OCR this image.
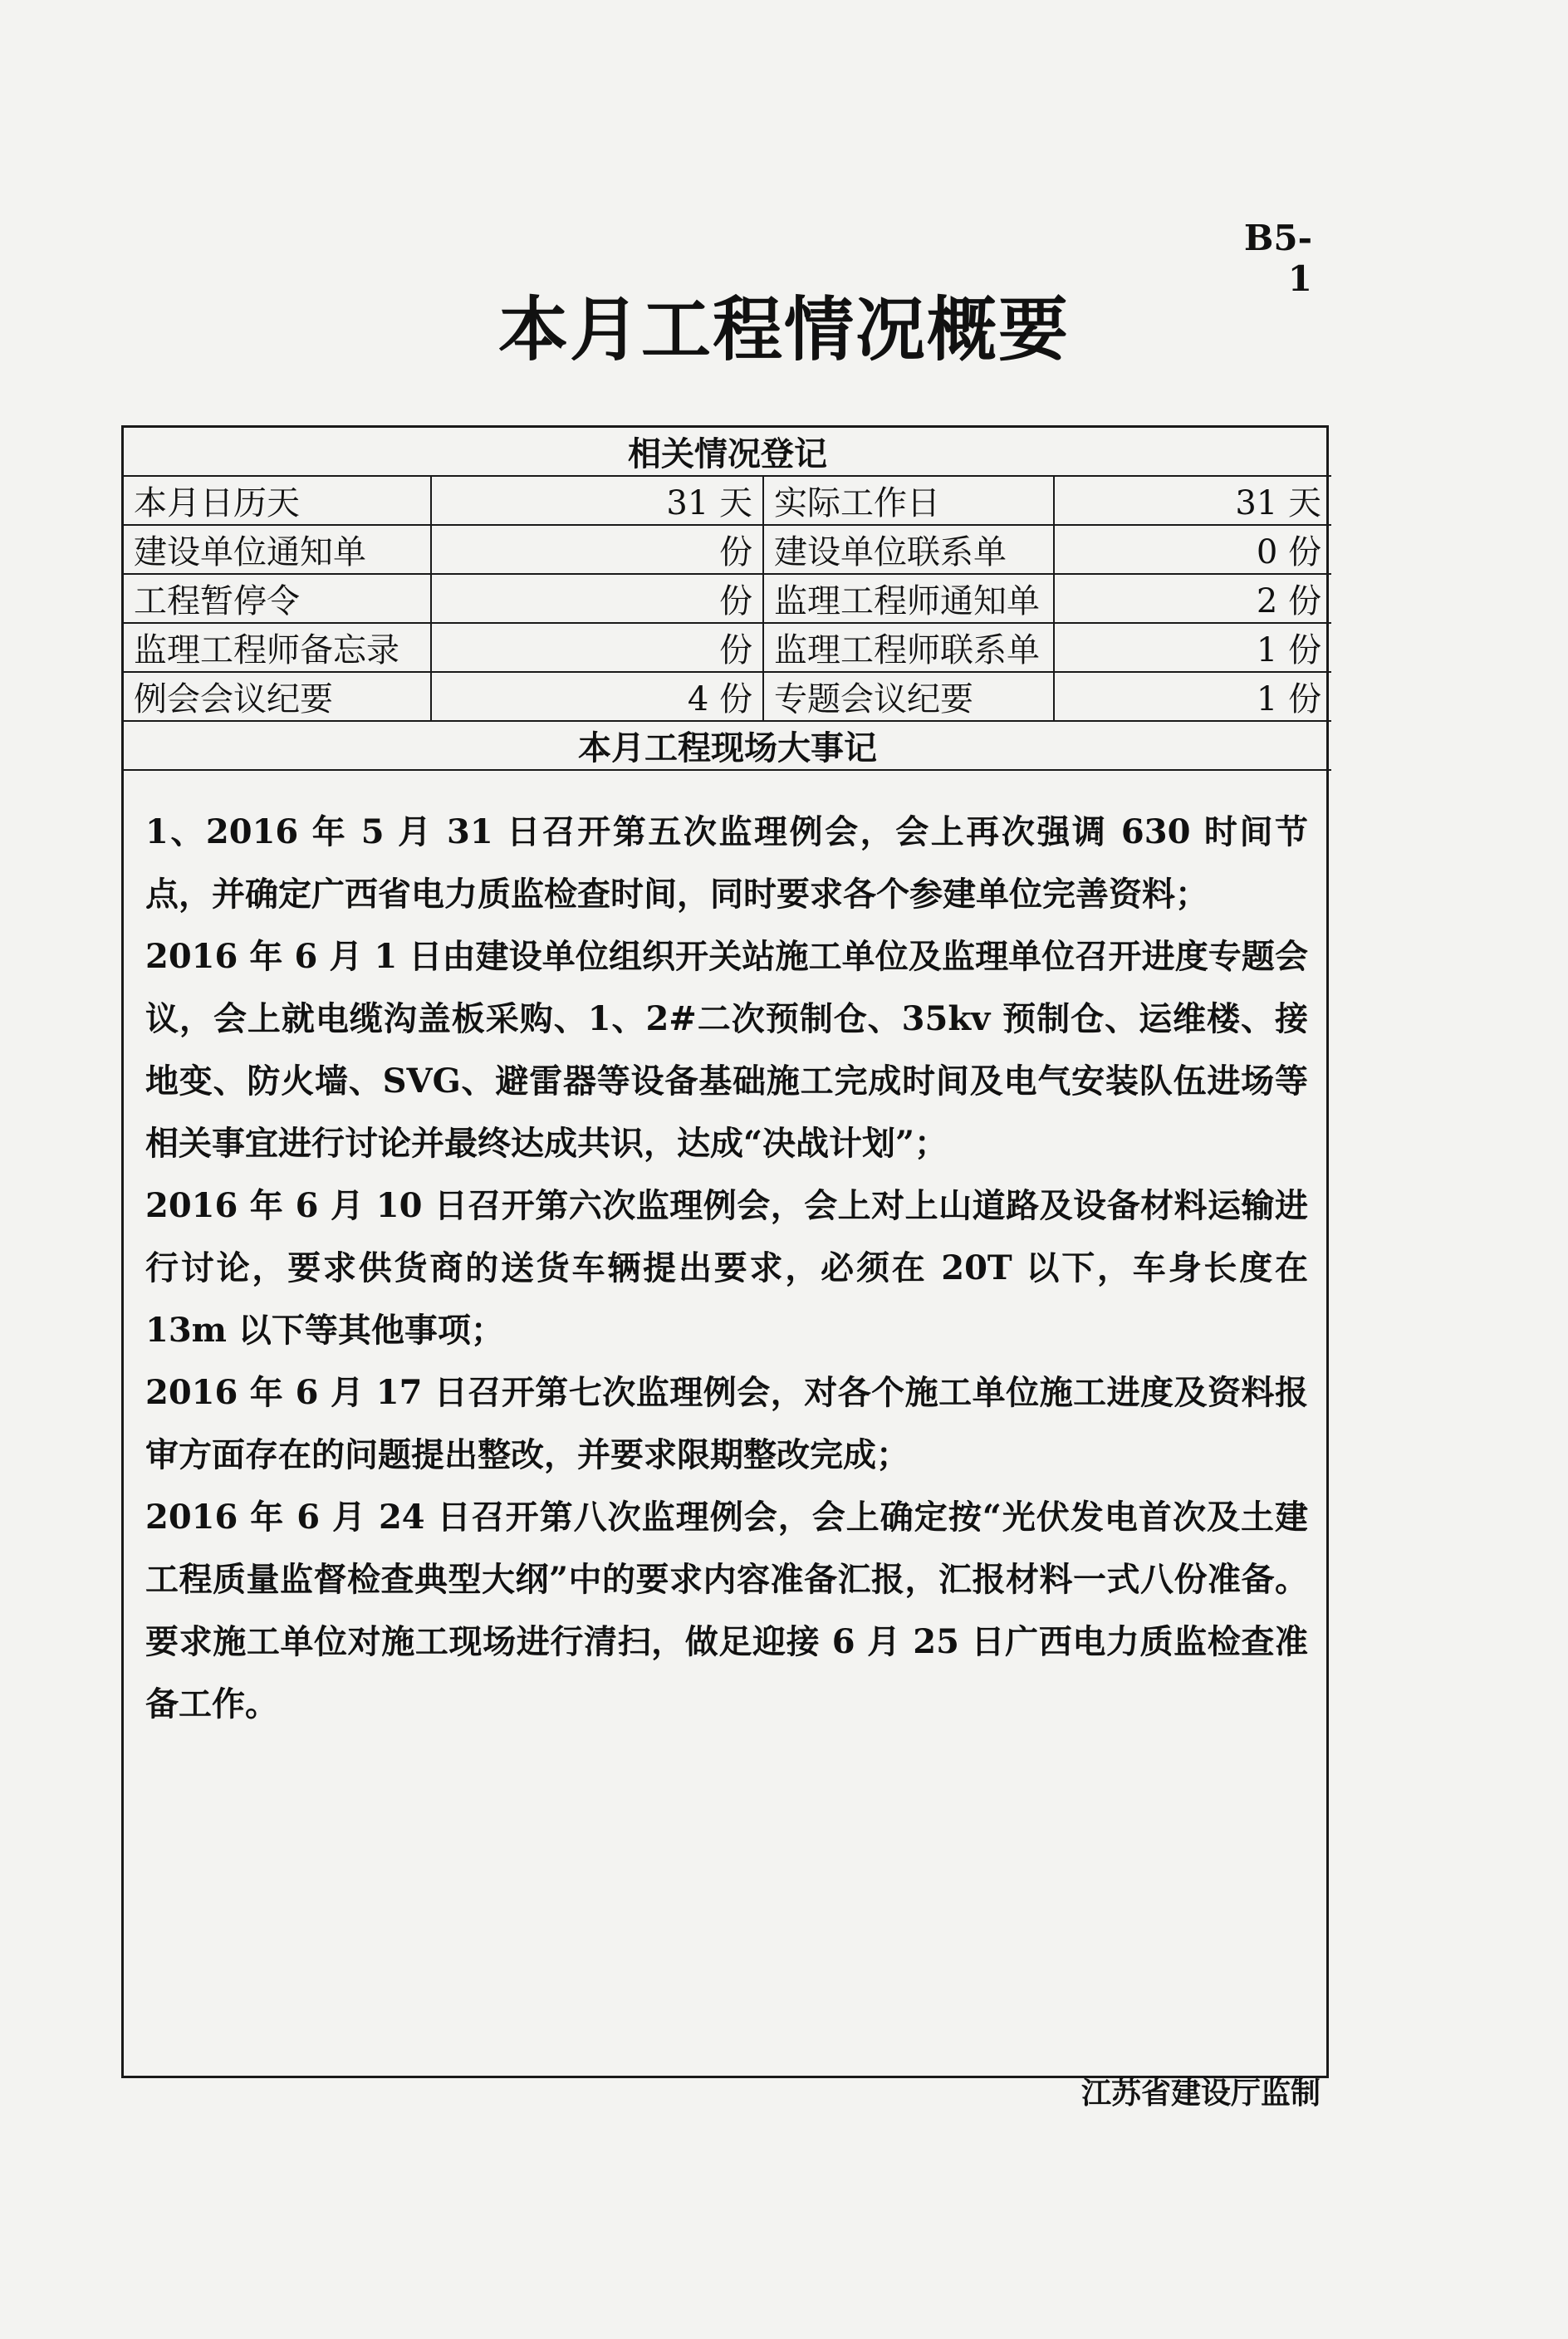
B5-1
本月工程情况概要
相关情况登记			
本月日历天	31 天	实际工作日	31 天
建设单位通知单	份	建设单位联系单	0 份
工程暂停令	份	监理工程师通知单	2 份
监理工程师备忘录	份	监理工程师联系单	1 份
例会会议纪要	4 份	专题会议纪要	1 份
本月工程现场大事记			

1、2016 年 5 月 31 日召开第五次监理例会，会上再次强调 630 时间节点，并确定广西省电力质监检查时间，同时要求各个参建单位完善资料；

2016 年 6 月 1 日由建设单位组织开关站施工单位及监理单位召开进度专题会议，会上就电缆沟盖板采购、1、2#二次预制仓、35kv 预制仓、运维楼、接地变、防火墙、SVG、避雷器等设备基础施工完成时间及电气安装队伍进场等相关事宜进行讨论并最终达成共识，达成“决战计划”；

2016 年 6 月 10 日召开第六次监理例会，会上对上山道路及设备材料运输进行讨论，要求供货商的送货车辆提出要求，必须在 20T 以下，车身长度在 13m 以下等其他事项；

2016 年 6 月 17 日召开第七次监理例会，对各个施工单位施工进度及资料报审方面存在的问题提出整改，并要求限期整改完成；

2016 年 6 月 24 日召开第八次监理例会，会上确定按“光伏发电首次及土建工程质量监督检查典型大纲”中的要求内容准备汇报，汇报材料一式八份准备。要求施工单位对施工现场进行清扫，做足迎接 6 月 25 日广西电力质监检查准备工作。

江苏省建设厅监制
